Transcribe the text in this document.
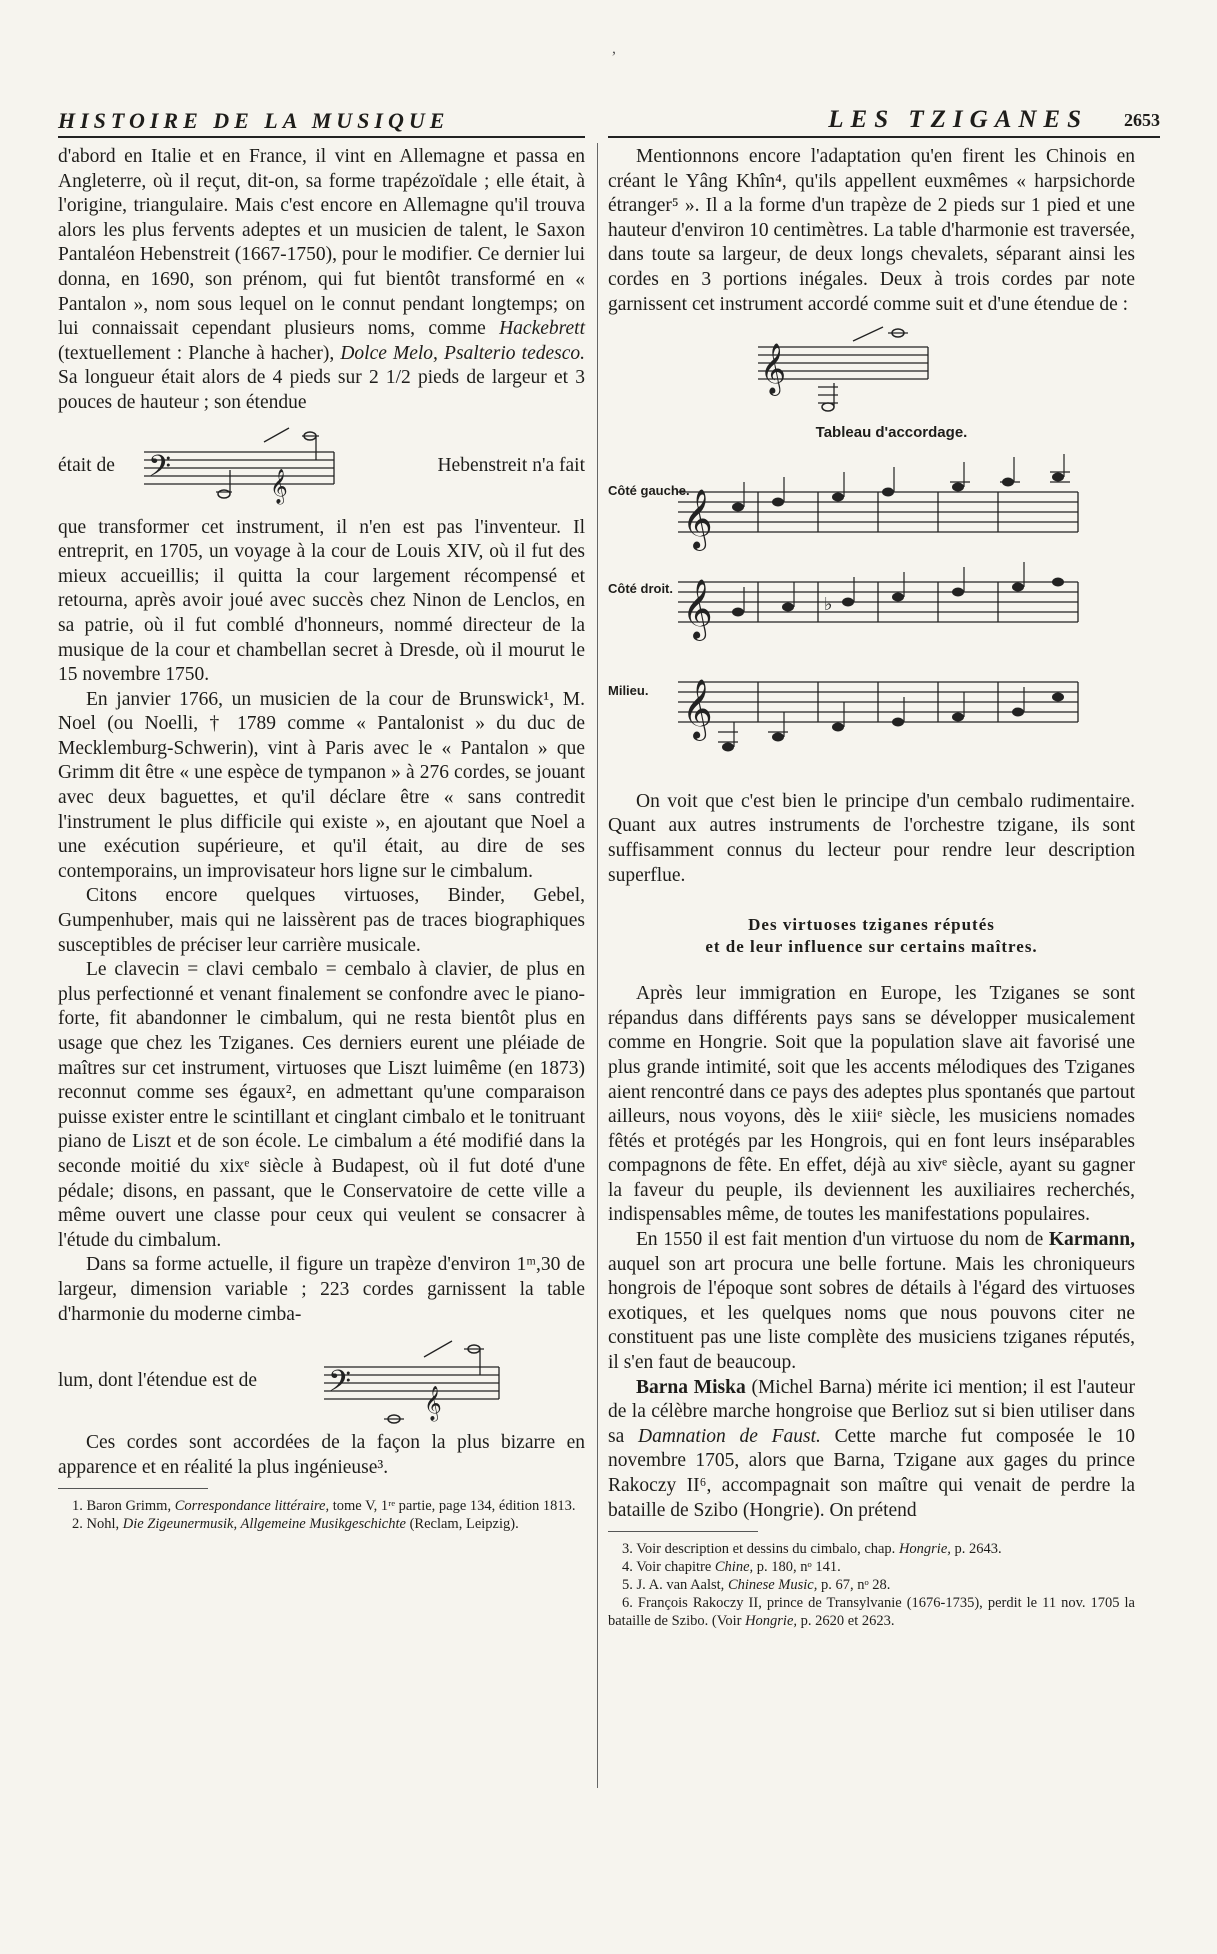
,
HISTOIRE DE LA MUSIQUE	LES TZIGANES 2653

d'abord en Italie et en France, il vint en Allemagne et passa en Angleterre, où il reçut, dit-on, sa forme trapézoïdale ; elle était, à l'origine, triangulaire. Mais c'est encore en Allemagne qu'il trouva alors les plus fervents adeptes et un musicien de talent, le Saxon Pantaléon Hebenstreit (1667-1750), pour le modifier. Ce dernier lui donna, en 1690, son prénom, qui fut bientôt transformé en « Pantalon », nom sous lequel on le connut pendant longtemps; on lui connaissait cependant plusieurs noms, comme Hackebrett (textuellement : Planche à hacher), Dolce Melo, Psalterio tedesco. Sa longueur était alors de 4 pieds sur 2 1/2 pieds de largeur et 3 pouces de hauteur ; son étendue

était de 𝄢	𝄞
Hebenstreit n'a fait

que transformer cet instrument, il n'en est pas l'inventeur. Il entreprit, en 1705, un voyage à la cour de Louis XIV, où il fut des mieux accueillis; il quitta la cour largement récompensé et retourna, après avoir joué avec succès chez Ninon de Lenclos, en sa patrie, où il fut comblé d'honneurs, nommé directeur de la musique de la cour et chambellan secret à Dresde, où il mourut le 15 novembre 1750.

En janvier 1766, un musicien de la cour de Brunswick¹, M. Noel (ou Noelli, † 1789 comme « Pantalonist » du duc de Mecklemburg-Schwerin), vint à Paris avec le « Pantalon » que Grimm dit être « une espèce de tympanon » à 276 cordes, se jouant avec deux baguettes, et qu'il déclare être « sans contredit l'instrument le plus difficile qui existe », en ajoutant que Noel a une exécution supérieure, et qu'il était, au dire de ses contemporains, un improvisateur hors ligne sur le cimbalum.

Citons encore quelques virtuoses, Binder, Gebel, Gumpenhuber, mais qui ne laissèrent pas de traces biographiques susceptibles de préciser leur carrière musicale.

Le clavecin = clavi cembalo = cembalo à clavier, de plus en plus perfectionné et venant finalement se confondre avec le piano-forte, fit abandonner le cimbalum, qui ne resta bientôt plus en usage que chez les Tziganes. Ces derniers eurent une pléiade de maîtres sur cet instrument, virtuoses que Liszt luimême (en 1873) reconnut comme ses égaux², en admettant qu'une comparaison puisse exister entre le scintillant et cinglant cimbalo et le tonitruant piano de Liszt et de son école. Le cimbalum a été modifié dans la seconde moitié du xixᵉ siècle à Budapest, où il fut doté d'une pédale; disons, en passant, que le Conservatoire de cette ville a même ouvert une classe pour ceux qui veulent se consacrer à l'étude du cimbalum.

Dans sa forme actuelle, il figure un trapèze d'environ 1ᵐ,30 de largeur, dimension variable ; 223 cordes garnissent la table d'harmonie du moderne cimba-

lum, dont l'étendue est de 𝄢 𝄞

Ces cordes sont accordées de la façon la plus bizarre en apparence et en réalité la plus ingénieuse³.

1. Baron Grimm, Correspondance littéraire, tome V, 1ʳᵉ partie, page 134, édition 1813.
2. Nohl, Die Zigeunermusik, Allgemeine Musikgeschichte (Reclam, Leipzig).

Mentionnons encore l'adaptation qu'en firent les Chinois en créant le Yâng Khîn⁴, qu'ils appellent euxmêmes « harpsichorde étranger⁵ ». Il a la forme d'un trapèze de 2 pieds sur 1 pied et une hauteur d'environ 10 centimètres. La table d'harmonie est traversée, dans toute sa largeur, de deux longs chevalets, séparant ainsi les cordes en 3 portions inégales. Deux à trois cordes par note garnissent cet instrument accordé comme suit et d'une étendue de :

𝄞
Tableau d'accordage.
Côté gauche.
𝄞
Côté droit. 𝄞	♭
Milieu. 𝄞

On voit que c'est bien le principe d'un cembalo rudimentaire. Quant aux autres instruments de l'orchestre tzigane, ils sont suffisamment connus du lecteur pour rendre leur description superflue.

Des virtuoses tziganes réputés
et de leur influence sur certains maîtres.

Après leur immigration en Europe, les Tziganes se sont répandus dans différents pays sans se développer musicalement comme en Hongrie. Soit que la population slave ait favorisé une plus grande intimité, soit que les accents mélodiques des Tziganes aient rencontré dans ce pays des adeptes plus spontanés que partout ailleurs, nous voyons, dès le xiiiᵉ siècle, les musiciens nomades fêtés et protégés par les Hongrois, qui en font leurs inséparables compagnons de fête. En effet, déjà au xivᵉ siècle, ayant su gagner la faveur du peuple, ils deviennent les auxiliaires recherchés, indispensables même, de toutes les manifestations populaires.

En 1550 il est fait mention d'un virtuose du nom de Karmann, auquel son art procura une belle fortune. Mais les chroniqueurs hongrois de l'époque sont sobres de détails à l'égard des virtuoses exotiques, et les quelques noms que nous pouvons citer ne constituent pas une liste complète des musiciens tziganes réputés, il s'en faut de beaucoup.

Barna Miska (Michel Barna) mérite ici mention; il est l'auteur de la célèbre marche hongroise que Berlioz sut si bien utiliser dans sa Damnation de Faust. Cette marche fut composée le 10 novembre 1705, alors que Barna, Tzigane aux gages du prince Rakoczy II⁶, accompagnait son maître qui venait de perdre la bataille de Szibo (Hongrie). On prétend

3. Voir description et dessins du cimbalo, chap. Hongrie, p. 2643.
4. Voir chapitre Chine, p. 180, nᵒ 141.
5. J. A. van Aalst, Chinese Music, p. 67, nᵒ 28.
6. François Rakoczy II, prince de Transylvanie (1676-1735), perdit le 11 nov. 1705 la bataille de Szibo. (Voir Hongrie, p. 2620 et 2623.
